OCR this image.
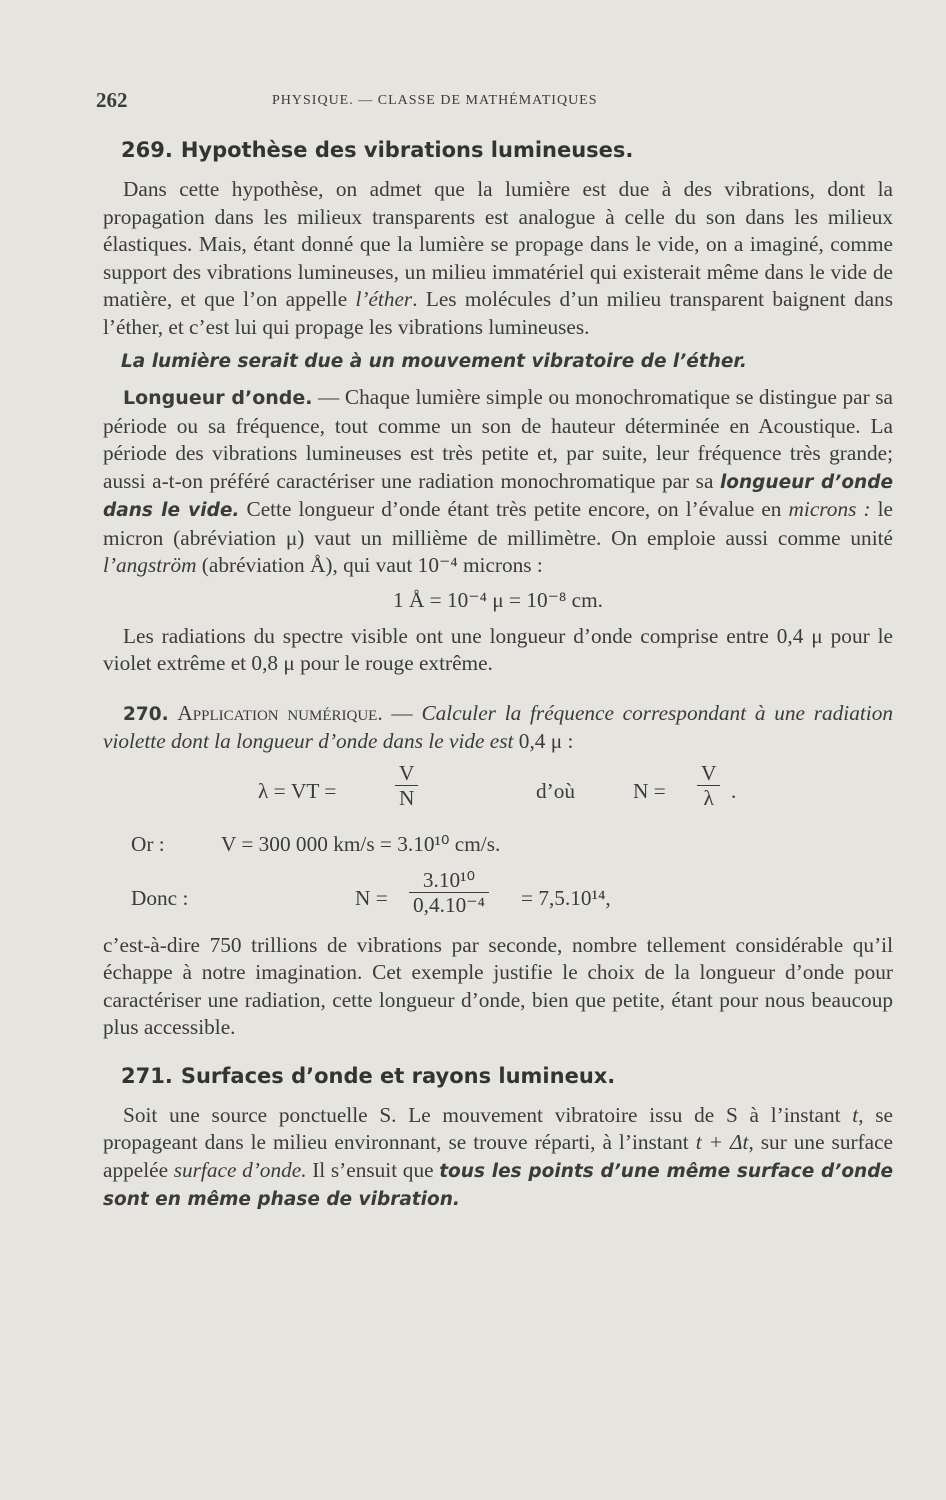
262	PHYSIQUE. — CLASSE DE MATHÉMATIQUES
269. Hypothèse des vibrations lumineuses.

Dans cette hypothèse, on admet que la lumière est due à des vibrations, dont la propagation dans les milieux transparents est analogue à celle du son dans les milieux élastiques. Mais, étant donné que la lumière se propage dans le vide, on a imaginé, comme support des vibrations lumineuses, un milieu immatériel qui existerait même dans le vide de matière, et que l’on appelle l’éther. Les molécules d’un milieu transparent baignent dans l’éther, et c’est lui qui propage les vibrations lumineuses.

La lumière serait due à un mouvement vibratoire de l’éther.

Longueur d’onde. — Chaque lumière simple ou monochromatique se distingue par sa période ou sa fréquence, tout comme un son de hauteur déterminée en Acoustique. La période des vibrations lumineuses est très petite et, par suite, leur fréquence très grande; aussi a-t-on préféré caractériser une radiation monochromatique par sa longueur d’onde dans le vide. Cette longueur d’onde étant très petite encore, on l’évalue en microns : le micron (abréviation μ) vaut un millième de millimètre. On emploie aussi comme unité l’angström (abréviation Å), qui vaut 10⁻⁴ microns :

1 Å = 10⁻⁴ μ = 10⁻⁸ cm.

Les radiations du spectre visible ont une longueur d’onde comprise entre 0,4 μ pour le violet extrême et 0,8 μ pour le rouge extrême.

270. Application numérique. — Calculer la fréquence correspondant à une radiation violette dont la longueur d’onde dans le vide est 0,4 μ :

λ = VT =	$\frac{V}{N}$	d’où	$N = \frac{V}{\lambda}$ .
Or :	V = 300 000 km/s = 3.10¹⁰ cm/s.
Donc :	$N = \frac{\text{3.10¹⁰}}{\text{0,4.10⁻⁴}} = 7,5.10^{14}$,

c’est-à-dire 750 trillions de vibrations par seconde, nombre tellement considérable qu’il échappe à notre imagination. Cet exemple justifie le choix de la longueur d’onde pour caractériser une radiation, cette longueur d’onde, bien que petite, étant pour nous beaucoup plus accessible.

271. Surfaces d’onde et rayons lumineux.

Soit une source ponctuelle S. Le mouvement vibratoire issu de S à l’instant t, se propageant dans le milieu environnant, se trouve réparti, à l’instant t + Δt, sur une surface appelée surface d’onde. Il s’ensuit que tous les points d’une même surface d’onde sont en même phase de vibration.
